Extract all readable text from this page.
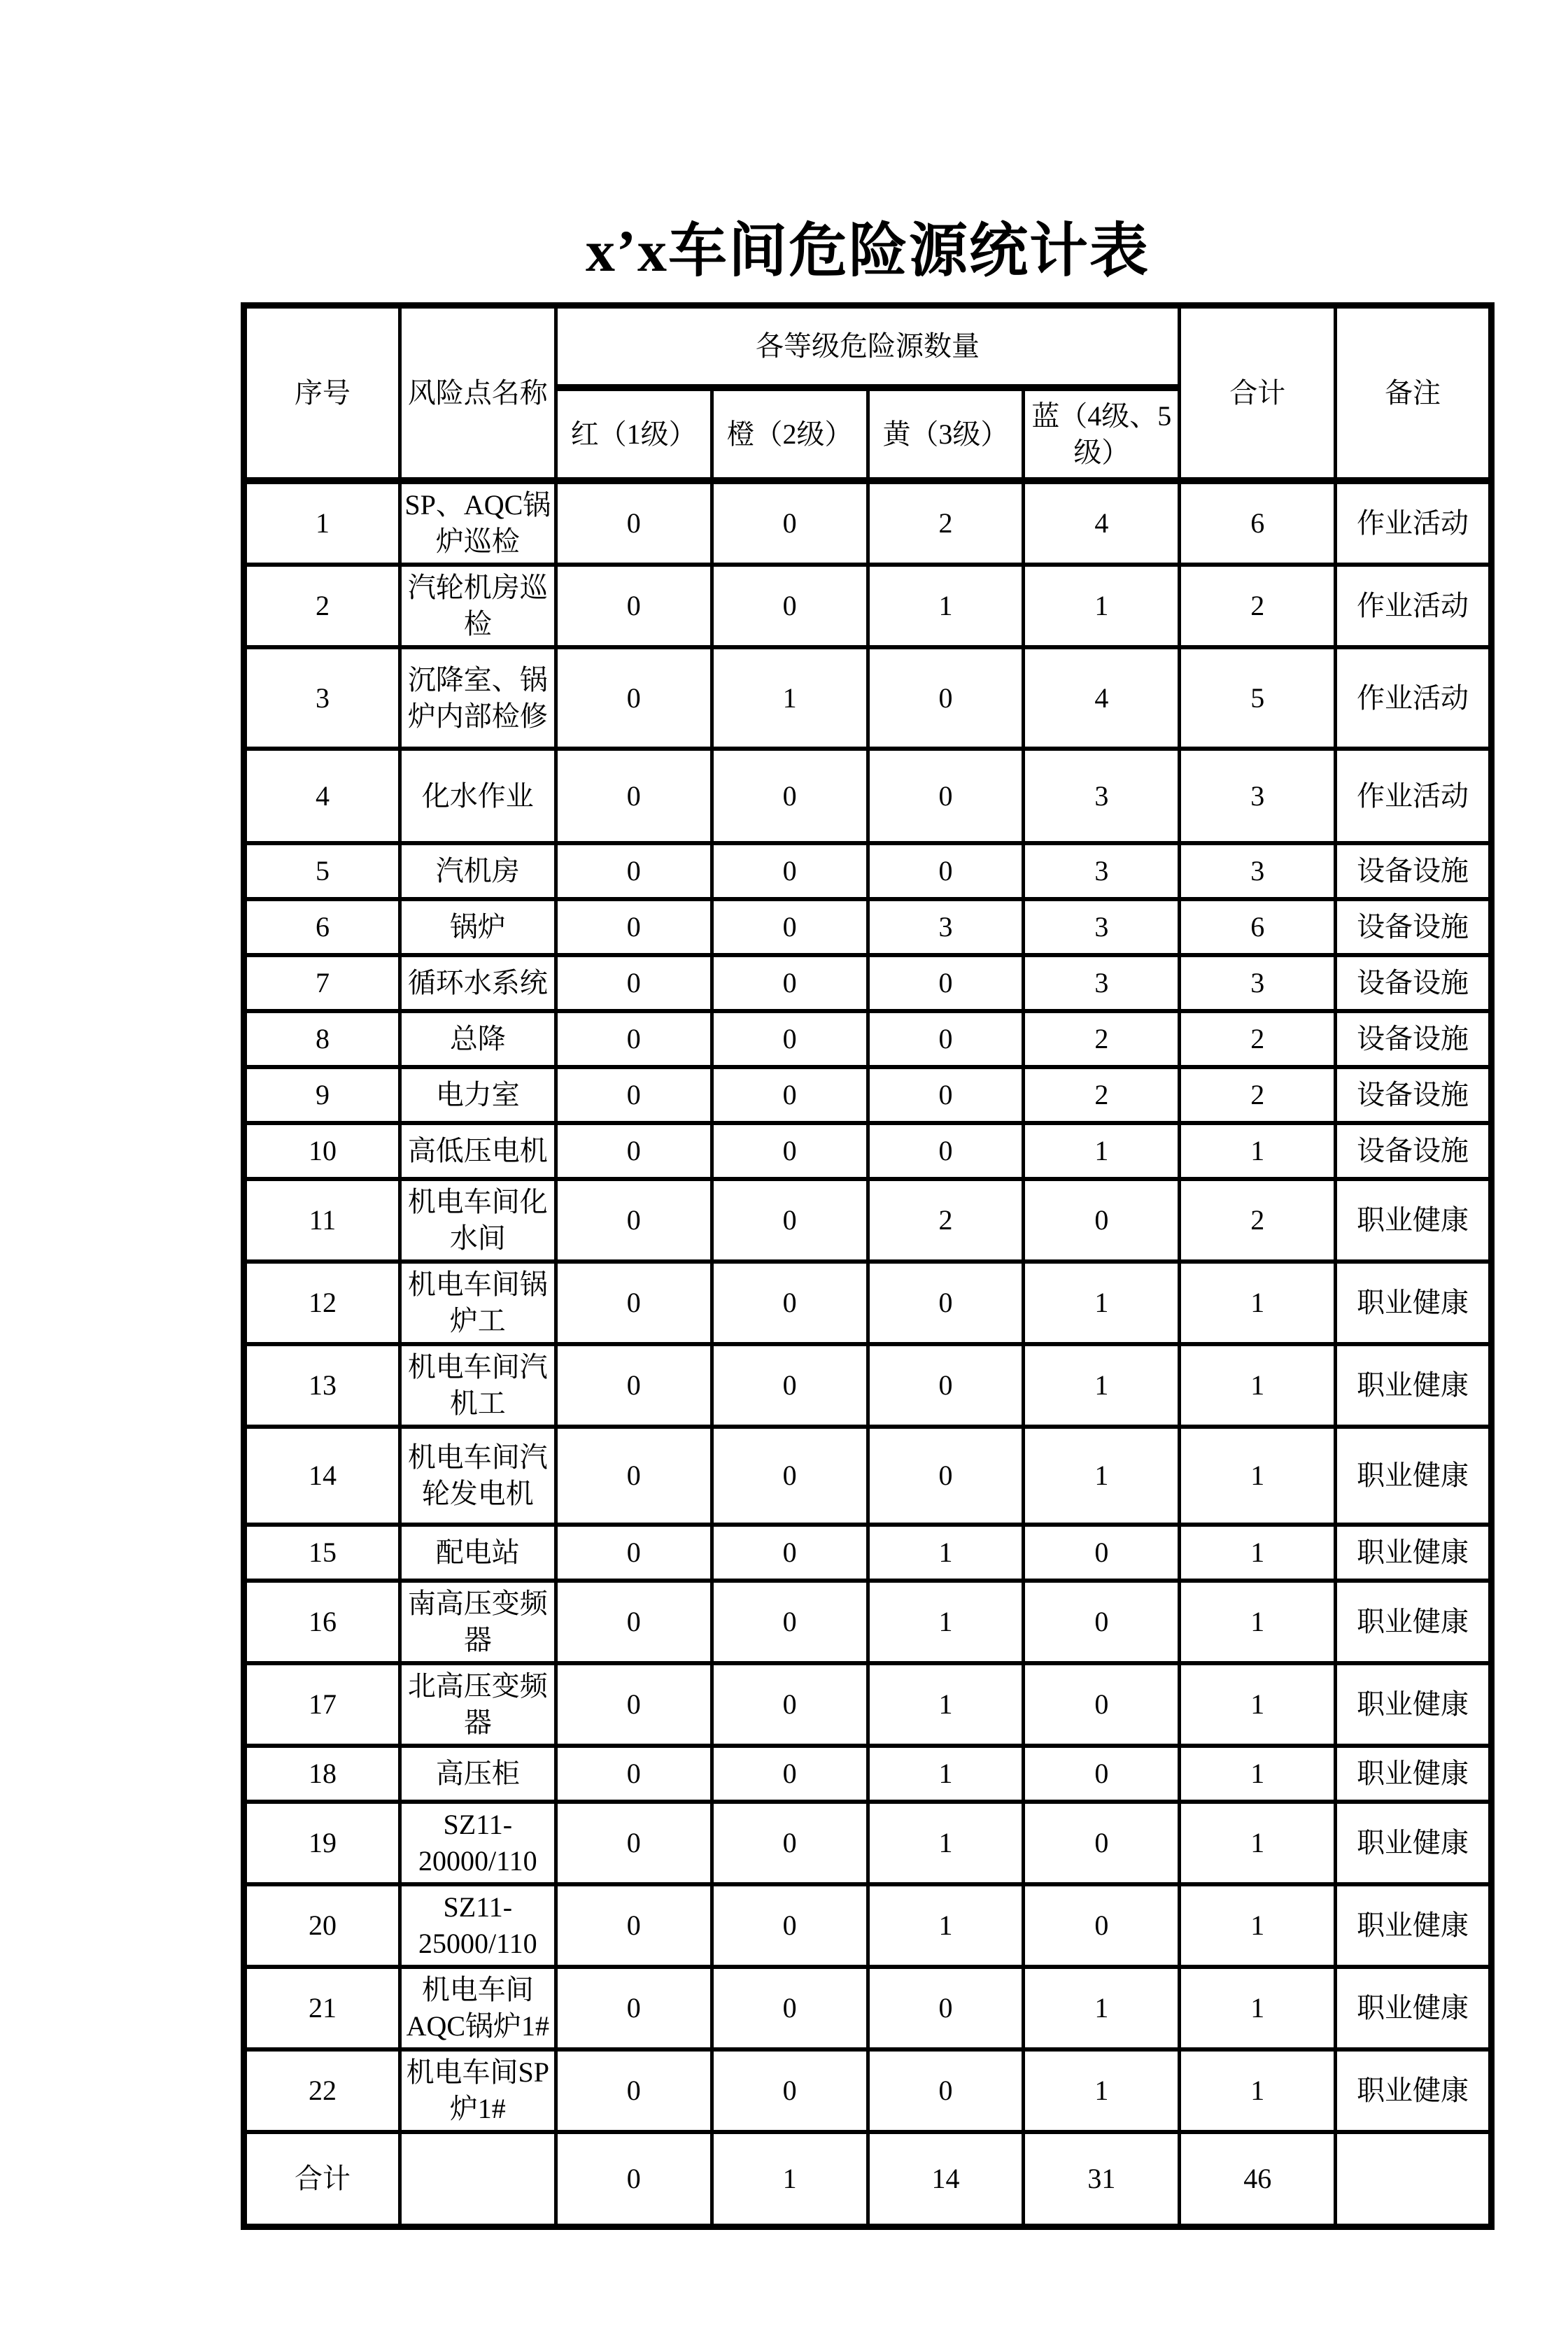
x’x车间危险源统计表
序号	风险点名称	各等级危险源数量				合计	备注
		红（1级）	橙（2级）	黄（3级）	蓝（4级、5级）		
1	SP、AQC锅炉巡检	0	0	2	4	6	作业活动
2	汽轮机房巡检	0	0	1	1	2	作业活动
3	沉降室、锅炉内部检修	0	1	0	4	5	作业活动
4	化水作业	0	0	0	3	3	作业活动
5	汽机房	0	0	0	3	3	设备设施
6	锅炉	0	0	3	3	6	设备设施
7	循环水系统	0	0	0	3	3	设备设施
8	总降	0	0	0	2	2	设备设施
9	电力室	0	0	0	2	2	设备设施
10	高低压电机	0	0	0	1	1	设备设施
11	机电车间化水间	0	0	2	0	2	职业健康
12	机电车间锅炉工	0	0	0	1	1	职业健康
13	机电车间汽机工	0	0	0	1	1	职业健康
14	机电车间汽轮发电机	0	0	0	1	1	职业健康
15	配电站	0	0	1	0	1	职业健康
16	南高压变频器	0	0	1	0	1	职业健康
17	北高压变频器	0	0	1	0	1	职业健康
18	高压柜	0	0	1	0	1	职业健康
19	SZ11-20000/110	0	0	1	0	1	职业健康
20	SZ11-25000/110	0	0	1	0	1	职业健康
21	机电车间AQC锅炉1#	0	0	0	1	1	职业健康
22	机电车间SP炉1#	0	0	0	1	1	职业健康
合计		0	1	14	31	46	
